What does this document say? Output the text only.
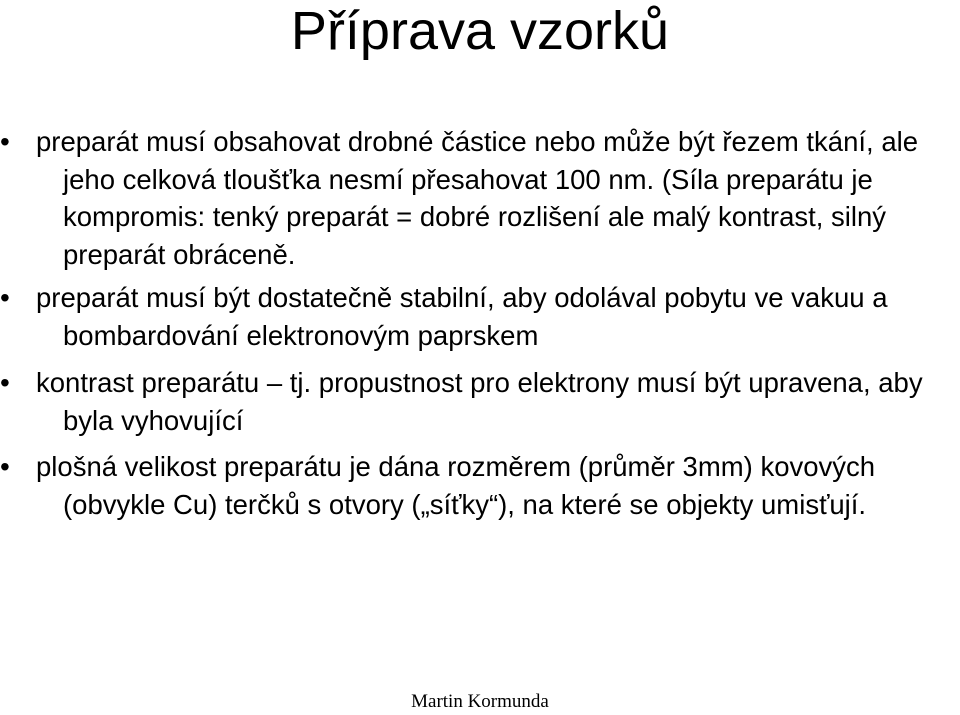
Příprava vzorků
• preparát musí obsahovat drobné částice nebo může být řezem tkání, ale jeho celková tloušťka nesmí přesahovat 100 nm. (Síla preparátu je kompromis: tenký preparát = dobré rozlišení ale malý kontrast, silný preparát obráceně.
• preparát musí být dostatečně stabilní, aby odolával pobytu ve vakuu a bombardování elektronovým paprskem
• kontrast preparátu – tj. propustnost pro elektrony musí být upravena, aby byla vyhovující
• plošná velikost preparátu je dána rozměrem (průměr 3mm) kovových (obvykle Cu) terčků s otvory („síťky“), na které se objekty umisťují.
Martin Kormunda
